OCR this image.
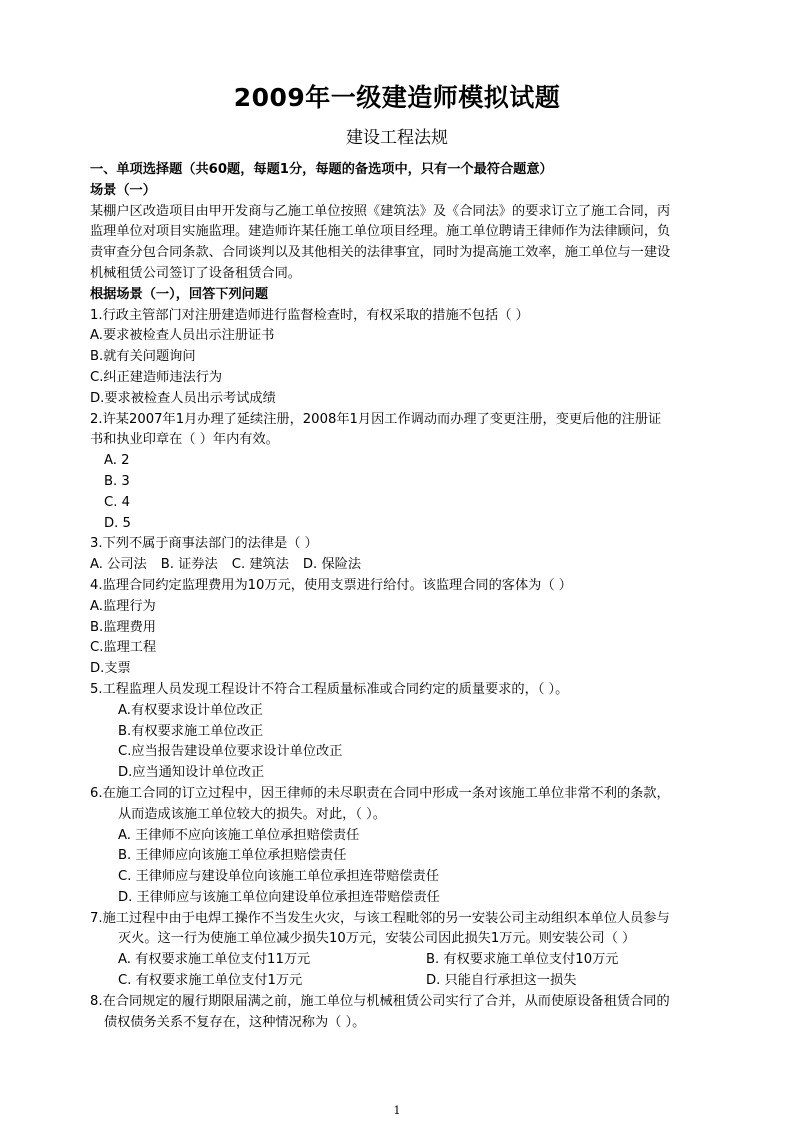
2009年一级建造师模拟试题
建设工程法规
一、单项选择题（共60题，每题1分，每题的备选项中，只有一个最符合题意）
场景（一）
某棚户区改造项目由甲开发商与乙施工单位按照《建筑法》及《合同法》的要求订立了施工合同，丙
监理单位对项目实施监理。建造师许某任施工单位项目经理。施工单位聘请王律师作为法律顾问，负
责审查分包合同条款、合同谈判以及其他相关的法律事宜，同时为提高施工效率，施工单位与一建设
机械租赁公司签订了设备租赁合同。
根据场景（一），回答下列问题
1.行政主管部门对注册建造师进行监督检查时，有权采取的措施不包括（ ）
A.要求被检查人员出示注册证书
B.就有关问题询问
C.纠正建造师违法行为
D.要求被检查人员出示考试成绩
2.许某2007年1月办理了延续注册，2008年1月因工作调动而办理了变更注册，变更后他的注册证
书和执业印章在（ ）年内有效。
A. 2
B. 3
C. 4
D. 5
3.下列不属于商事法部门的法律是（ ）
A. 公司法 B. 证券法 C. 建筑法 D. 保险法
4.监理合同约定监理费用为10万元，使用支票进行给付。该监理合同的客体为（ ）
A.监理行为
B.监理费用
C.监理工程
D.支票
5.工程监理人员发现工程设计不符合工程质量标准或合同约定的质量要求的，（ ）。
A.有权要求设计单位改正
B.有权要求施工单位改正
C.应当报告建设单位要求设计单位改正
D.应当通知设计单位改正
6.在施工合同的订立过程中，因王律师的未尽职责在合同中形成一条对该施工单位非常不利的条款，
从而造成该施工单位较大的损失。对此，（ ）。
A. 王律师不应向该施工单位承担赔偿责任
B. 王律师应向该施工单位承担赔偿责任
C. 王律师应与建设单位向该施工单位承担连带赔偿责任
D. 王律师应与该施工单位向建设单位承担连带赔偿责任
7.施工过程中由于电焊工操作不当发生火灾，与该工程毗邻的另一安装公司主动组织本单位人员参与
灭火。这一行为使施工单位减少损失10万元，安装公司因此损失1万元。则安装公司（ ）
A. 有权要求施工单位支付11万元	B. 有权要求施工单位支付10万元
C. 有权要求施工单位支付1万元	D. 只能自行承担这一损失
8.在合同规定的履行期限届满之前，施工单位与机械租赁公司实行了合并，从而使原设备租赁合同的
债权债务关系不复存在，这种情况称为（ ）。
1
